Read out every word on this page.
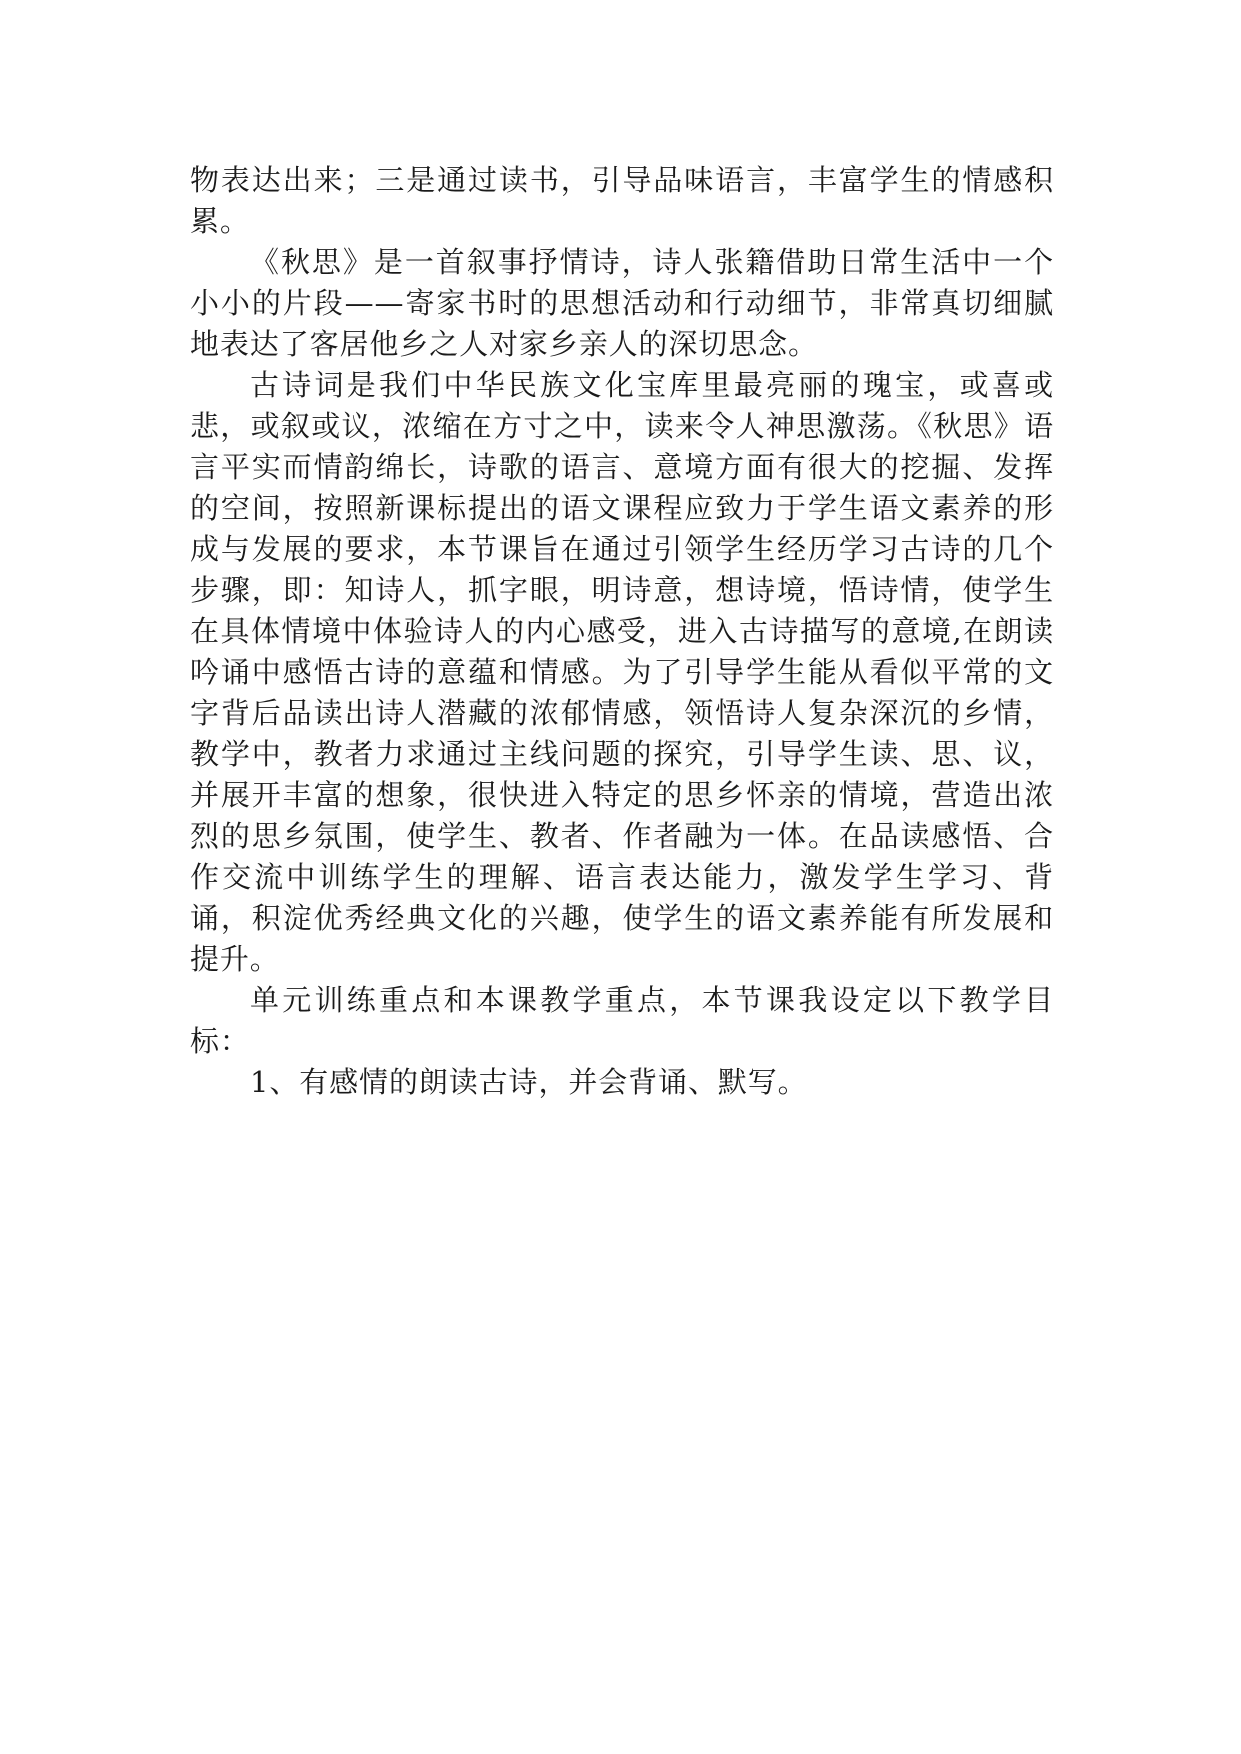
物表达出来；三是通过读书，引导品味语言，丰富学生的情感积累。

《秋思》是一首叙事抒情诗，诗人张籍借助日常生活中一个小小的片段——寄家书时的思想活动和行动细节，非常真切细腻地表达了客居他乡之人对家乡亲人的深切思念。

古诗词是我们中华民族文化宝库里最亮丽的瑰宝，或喜或悲，或叙或议，浓缩在方寸之中，读来令人神思激荡。《秋思》语言平实而情韵绵长，诗歌的语言、意境方面有很大的挖掘、发挥的空间，按照新课标提出的语文课程应致力于学生语文素养的形成与发展的要求，本节课旨在通过引领学生经历学习古诗的几个步骤，即：知诗人，抓字眼，明诗意，想诗境，悟诗情，使学生在具体情境中体验诗人的内心感受，进入古诗描写的意境,在朗读吟诵中感悟古诗的意蕴和情感。为了引导学生能从看似平常的文字背后品读出诗人潜藏的浓郁情感，领悟诗人复杂深沉的乡情，教学中，教者力求通过主线问题的探究，引导学生读、思、议，并展开丰富的想象，很快进入特定的思乡怀亲的情境，营造出浓烈的思乡氛围，使学生、教者、作者融为一体。在品读感悟、合作交流中训练学生的理解、语言表达能力，激发学生学习、背诵，积淀优秀经典文化的兴趣，使学生的语文素养能有所发展和提升。

单元训练重点和本课教学重点，本节课我设定以下教学目标：

1、有感情的朗读古诗，并会背诵、默写。
